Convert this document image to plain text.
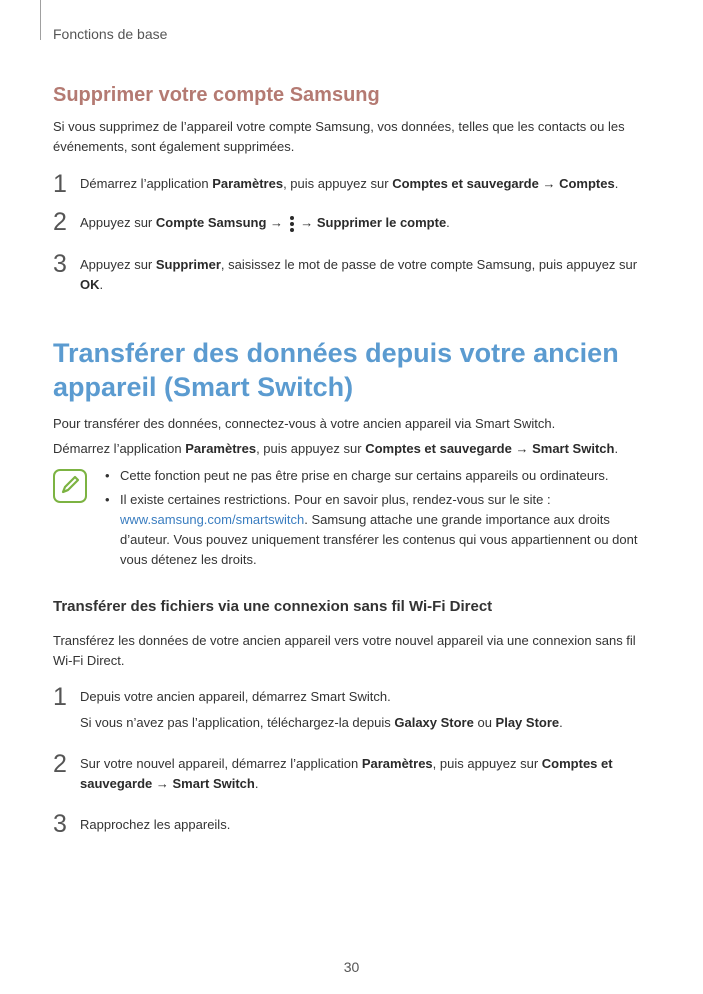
Fonctions de base
Supprimer votre compte Samsung
Si vous supprimez de l’appareil votre compte Samsung, vos données, telles que les contacts ou les événements, sont également supprimées.
1 Démarrez l’application Paramètres, puis appuyez sur Comptes et sauvegarde → Comptes.
2 Appuyez sur Compte Samsung →
→ Supprimer le compte.
3 Appuyez sur Supprimer, saisissez le mot de passe de votre compte Samsung, puis appuyez sur OK.
Transférer des données depuis votre ancien appareil (Smart Switch)
Pour transférer des données, connectez-vous à votre ancien appareil via Smart Switch.
Démarrez l’application Paramètres, puis appuyez sur Comptes et sauvegarde → Smart Switch.
• Cette fonction peut ne pas être prise en charge sur certains appareils ou ordinateurs.
• Il existe certaines restrictions. Pour en savoir plus, rendez-vous sur le site : www.samsung.com/smartswitch. Samsung attache une grande importance aux droits d’auteur. Vous pouvez uniquement transférer les contenus qui vous appartiennent ou dont vous détenez les droits.
Transférer des fichiers via une connexion sans fil Wi-Fi Direct
Transférez les données de votre ancien appareil vers votre nouvel appareil via une connexion sans fil Wi-Fi Direct.
1 Depuis votre ancien appareil, démarrez Smart Switch.
Si vous n’avez pas l’application, téléchargez-la depuis Galaxy Store ou Play Store.
2 Sur votre nouvel appareil, démarrez l’application Paramètres, puis appuyez sur Comptes et sauvegarde → Smart Switch.
3 Rapprochez les appareils.
30
